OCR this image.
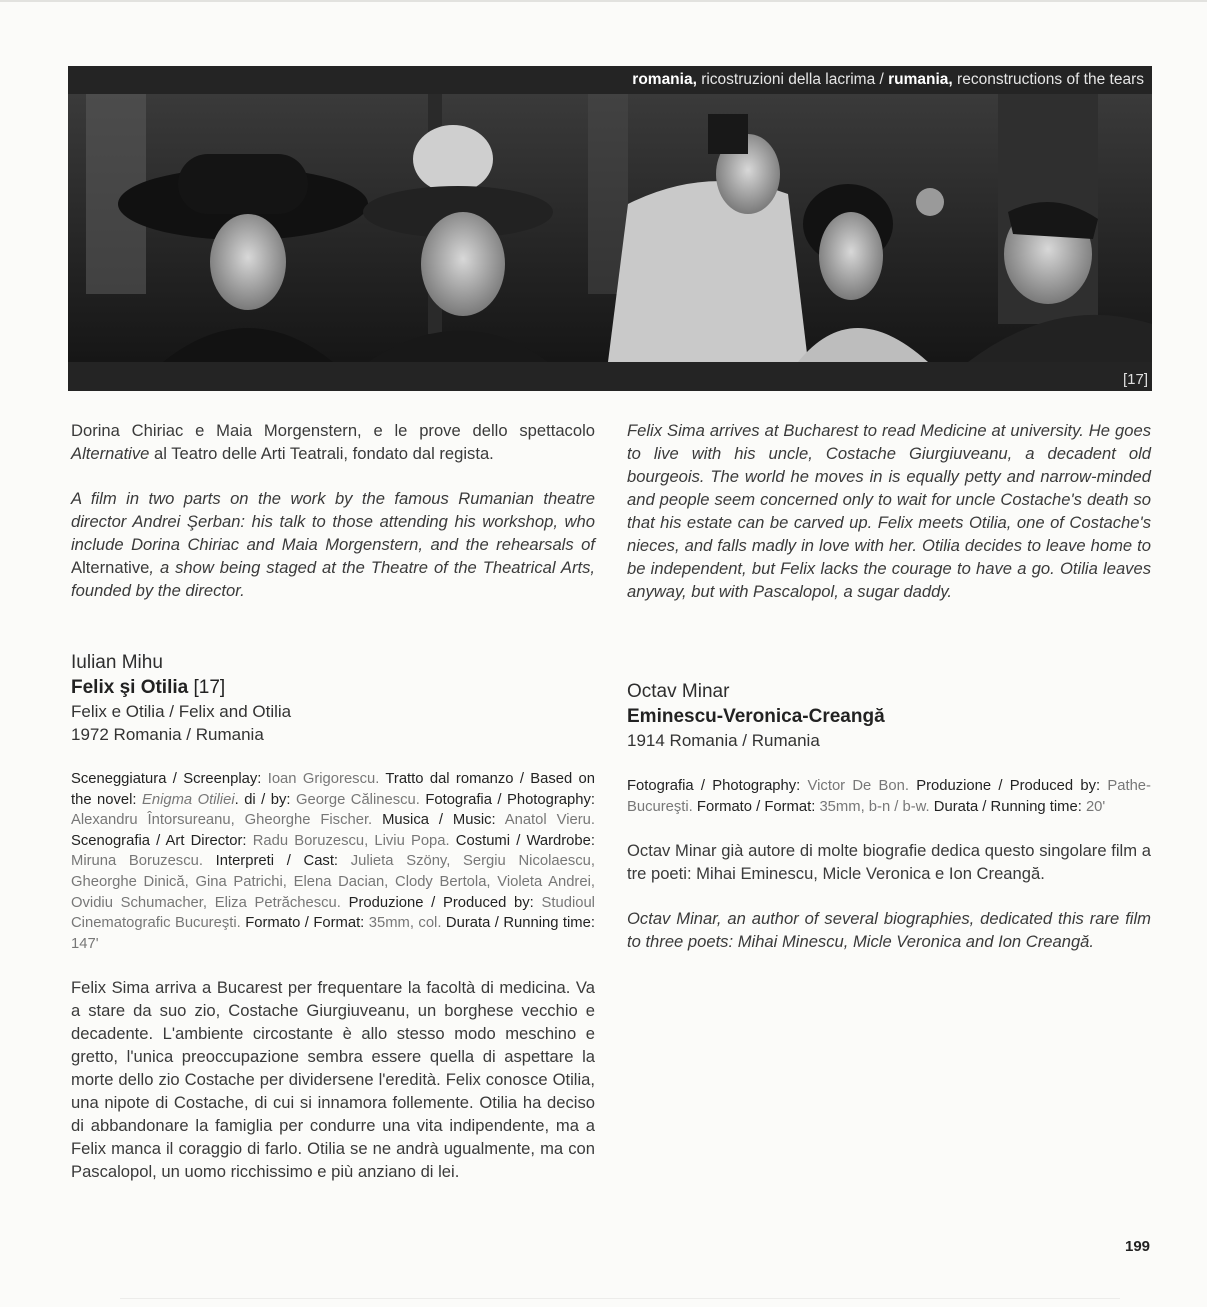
romania, ricostruzioni della lacrima / rumania, reconstructions of the tears
[17]

Dorina Chiriac e Maia Morgenstern, e le prove dello spettacolo Alternative al Teatro delle Arti Teatrali, fondato dal regista.

A film in two parts on the work by the famous Rumanian theatre director Andrei Şerban: his talk to those attending his workshop, who include Dorina Chiriac and Maia Morgenstern, and the rehearsals of Alternative, a show being staged at the Theatre of the Theatrical Arts, founded by the director.

Iulian Mihu
Felix şi Otilia [17]
Felix e Otilia / Felix and Otilia
1972 Romania / Rumania

Sceneggiatura / Screenplay: Ioan Grigorescu. Tratto dal romanzo / Based on the novel: Enigma Otiliei. di / by: George Călinescu. Fotografia / Photography: Alexandru Întorsureanu, Gheorghe Fischer. Musica / Music: Anatol Vieru. Scenografia / Art Director: Radu Boruzescu, Liviu Popa. Costumi / Wardrobe: Miruna Boruzescu. Interpreti / Cast: Julieta Szöny, Sergiu Nicolaescu, Gheorghe Dinică, Gina Patrichi, Elena Dacian, Clody Bertola, Violeta Andrei, Ovidiu Schumacher, Eliza Petrăchescu. Produzione / Produced by: Studioul Cinematografic Bucureşti. Formato / Format: 35mm, col. Durata / Running time: 147'

Felix Sima arriva a Bucarest per frequentare la facoltà di medicina. Va a stare da suo zio, Costache Giurgiuveanu, un borghese vecchio e decadente. L'ambiente circostante è allo stesso modo meschino e gretto, l'unica preoccupazione sembra essere quella di aspettare la morte dello zio Costache per dividersene l'eredità. Felix conosce Otilia, una nipote di Costache, di cui si innamora follemente. Otilia ha deciso di abbandonare la famiglia per condurre una vita indipendente, ma a Felix manca il coraggio di farlo. Otilia se ne andrà ugualmente, ma con Pascalopol, un uomo ricchissimo e più anziano di lei.

Felix Sima arrives at Bucharest to read Medicine at university. He goes to live with his uncle, Costache Giurgiuveanu, a decadent old bourgeois. The world he moves in is equally petty and narrow-minded and people seem concerned only to wait for uncle Costache's death so that his estate can be carved up. Felix meets Otilia, one of Costache's nieces, and falls madly in love with her. Otilia decides to leave home to be independent, but Felix lacks the courage to have a go. Otilia leaves anyway, but with Pascalopol, a sugar daddy.

Octav Minar
Eminescu-Veronica-Creangă
1914 Romania / Rumania

Fotografia / Photography: Victor De Bon. Produzione / Produced by: Pathe-Bucureşti. Formato / Format: 35mm, b-n / b-w. Durata / Running time: 20'

Octav Minar già autore di molte biografie dedica questo singolare film a tre poeti: Mihai Eminescu, Micle Veronica e Ion Creangă.

Octav Minar, an author of several biographies, dedicated this rare film to three poets: Mihai Minescu, Micle Veronica and Ion Creangă.

199
